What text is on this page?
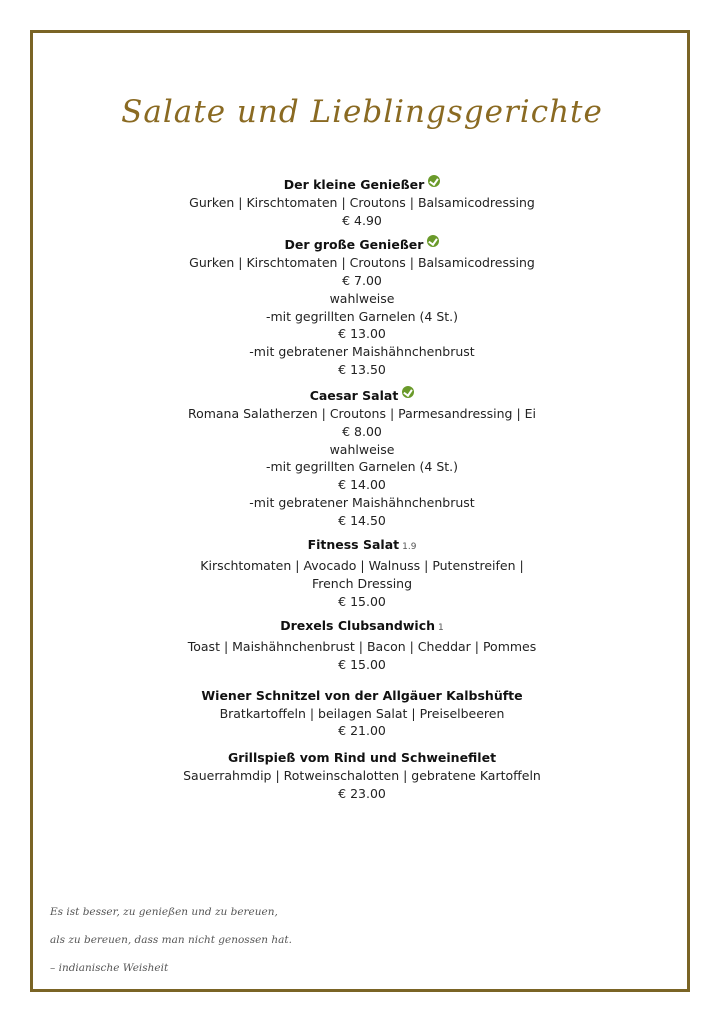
Salate und Lieblingsgerichte
Der kleine Genießer
Gurken | Kirschtomaten | Croutons | Balsamicodressing
€ 4.90
Der große Genießer
Gurken | Kirschtomaten | Croutons | Balsamicodressing
€ 7.00
wahlweise
-mit gegrillten Garnelen (4 St.)
€ 13.00
-mit gebratener Maishähnchenbrust
€ 13.50
Caesar Salat
Romana Salatherzen | Croutons | Parmesandressing | Ei
€ 8.00
wahlweise
-mit gegrillten Garnelen (4 St.)
€ 14.00
-mit gebratener Maishähnchenbrust
€ 14.50
Fitness Salat 1.9
Kirschtomaten | Avocado | Walnuss | Putenstreifen |
French Dressing
€ 15.00
Drexels Clubsandwich 1
Toast | Maishähnchenbrust | Bacon | Cheddar | Pommes
€ 15.00
Wiener Schnitzel von der Allgäuer Kalbshüfte
Bratkartoffeln | beilagen Salat | Preiselbeeren
€ 21.00
Grillspieß vom Rind und Schweinefilet
Sauerrahmdip | Rotweinschalotten | gebratene Kartoffeln
€ 23.00
Es ist besser, zu genießen und zu bereuen,
als zu bereuen, dass man nicht genossen hat.
– indianische Weisheit
